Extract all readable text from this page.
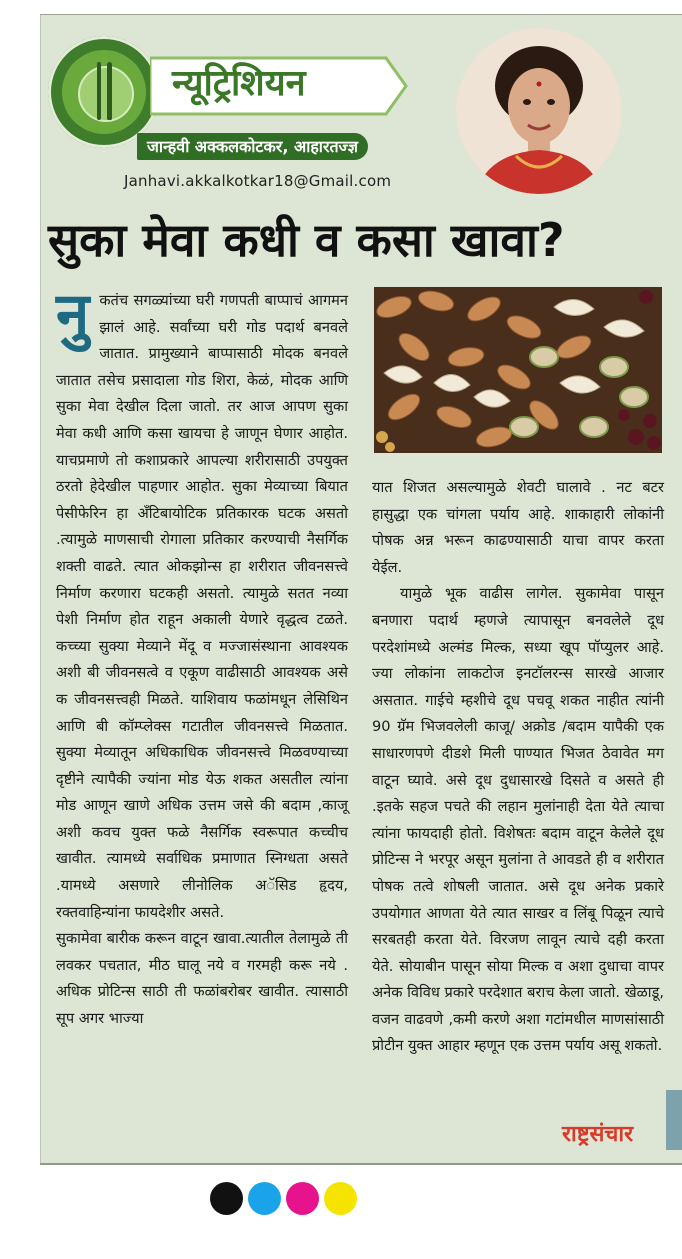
न्यूट्रिशियन
जान्हवी अक्कलकोटकर, आहारतज्ज्ञ
Janhavi.akkalkotkar18@Gmail.com
सुका मेवा कधी व कसा खावा?
नु कतंच सगळ्यांच्या घरी गणपती बाप्पाचं आगमन झालं आहे. सर्वांच्या घरी गोड पदार्थ बनवले जातात. प्रामुख्याने बाप्पासाठी मोदक बनवले जातात तसेच प्रसादाला गोड शिरा, केळं, मोदक आणि सुका मेवा देखील दिला जातो. तर आज आपण सुका मेवा कधी आणि कसा खायचा हे जाणून घेणार आहोत. याचप्रमाणे तो कशाप्रकारे आपल्या शरीरासाठी उपयुक्त ठरतो हेदेखील पाहणार आहोत. सुका मेव्याच्या बियात पेसीफेरिन हा अँटिबायोटिक प्रतिकारक घटक असतो .त्यामुळे माणसाची रोगाला प्रतिकार करण्याची नैसर्गिक शक्ती वाढते. त्यात ओकझोन्स हा शरीरात जीवनसत्त्वे निर्माण करणारा घटकही असतो. त्यामुळे सतत नव्या पेशी निर्माण होत राहून अकाली येणारे वृद्धत्व टळते. कच्च्या सुक्या मेव्याने मेंदू व मज्जासंस्थाना आवश्यक अशी बी जीवनसत्वे व एकूण वाढीसाठी आवश्यक असे क जीवनसत्त्वही मिळते. याशिवाय फळांमधून लेसिथिन आणि बी कॉम्प्लेक्स गटातील जीवनसत्त्वे मिळतात. सुक्या मेव्यातून अधिकाधिक जीवनसत्त्वे मिळवण्याच्या दृष्टीने त्यापैकी ज्यांना मोड येऊ शकत असतील त्यांना मोड आणून खाणे अधिक उत्तम जसे की बदाम ,काजू अशी कवच युक्त फळे नैसर्गिक स्वरूपात कच्चीच खावीत. त्यामध्ये सर्वाधिक प्रमाणात स्निग्धता असते .यामध्ये असणारे लीनोलिक अॅसिड हृदय, रक्तवाहिन्यांना फायदेशीर असते.

सुकामेवा बारीक करून वाटून खावा.त्यातील तेलामुळे ती लवकर पचतात, मीठ घालू नये व गरमही करू नये . अधिक प्रोटिन्स साठी ती फळांबरोबर खावीत. त्यासाठी सूप अगर भाज्या

यात शिजत असल्यामुळे शेवटी घालावे . नट बटर हासुद्धा एक चांगला पर्याय आहे. शाकाहारी लोकांनी पोषक अन्न भरून काढण्यासाठी याचा वापर करता येईल.

यामुळे भूक वाढीस लागेल. सुकामेवा पासून बनणारा पदार्थ म्हणजे त्यापासून बनवलेले दूध परदेशांमध्ये अल्मंड मिल्क, सध्या खूप पॉप्युलर आहे. ज्या लोकांना लाकटोज इनटॉलरन्स सारखे आजार असतात. गाईचे म्हशीचे दूध पचवू शकत नाहीत त्यांनी 90 ग्रॅम भिजवलेली काजू/ अक्रोड /बदाम यापैकी एक साधारणपणे दीडशे मिली पाण्यात भिजत ठेवावेत मग वाटून घ्यावे. असे दूध दुधासारखे दिसते व असते ही .इतके सहज पचते की लहान मुलांनाही देता येते त्याचा त्यांना फायदाही होतो. विशेषतः बदाम वाटून केलेले दूध प्रोटिन्स ने भरपूर असून मुलांना ते आवडते ही व शरीरात पोषक तत्वे शोषली जातात. असे दूध अनेक प्रकारे उपयोगात आणता येते त्यात साखर व लिंबू पिळून त्याचे सरबतही करता येते. विरजण लावून त्याचे दही करता येते. सोयाबीन पासून सोया मिल्क व अशा दुधाचा वापर अनेक विविध प्रकारे परदेशात बराच केला जातो. खेळाडू, वजन वाढवणे ,कमी करणे अशा गटांमधील माणसांसाठी प्रोटीन युक्त आहार म्हणून एक उत्तम पर्याय असू शकतो.

राष्ट्रसंचार
